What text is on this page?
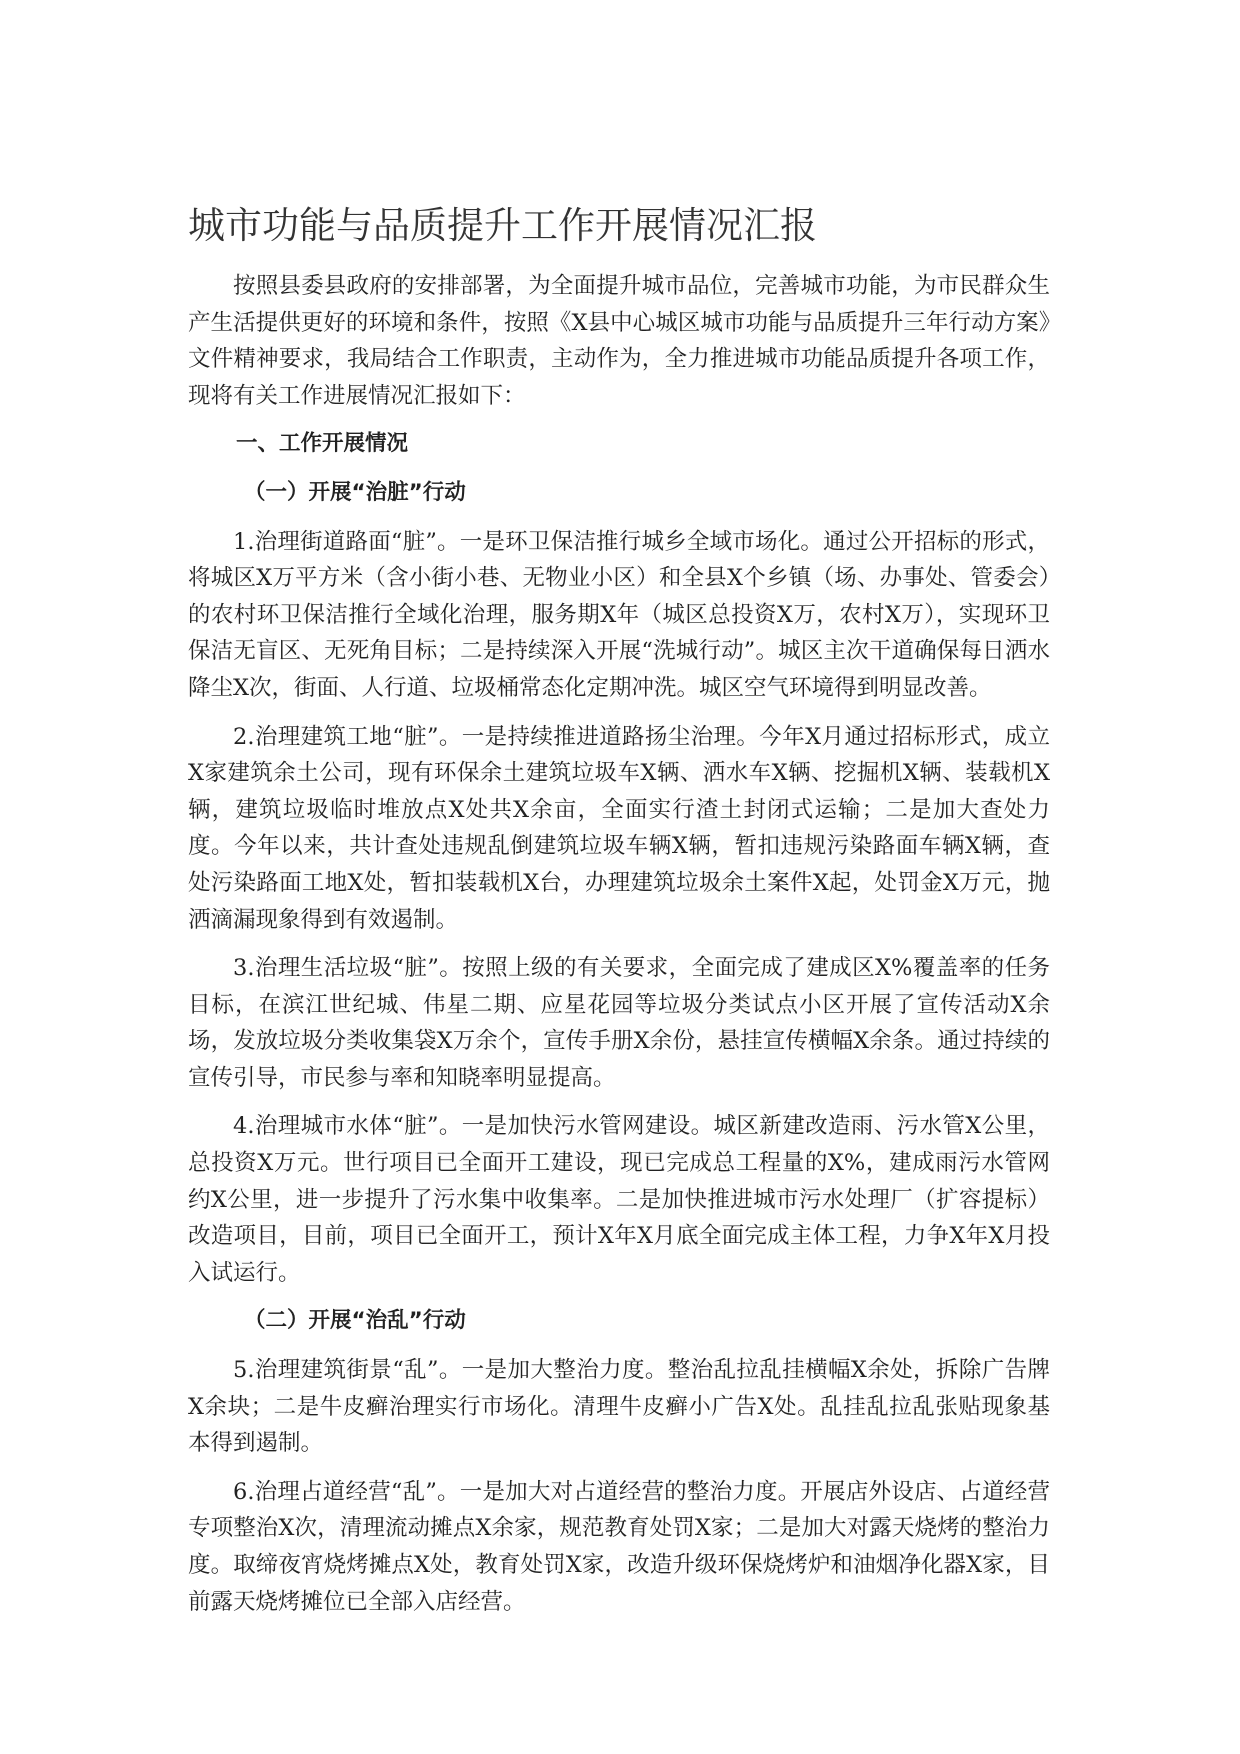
城市功能与品质提升工作开展情况汇报

按照县委县政府的安排部署，为全面提升城市品位，完善城市功能，为市民群众生产生活提供更好的环境和条件，按照《X县中心城区城市功能与品质提升三年行动方案》文件精神要求，我局结合工作职责，主动作为，全力推进城市功能品质提升各项工作，现将有关工作进展情况汇报如下：

一、工作开展情况
（一）开展“治脏”行动

1.治理街道路面“脏”。一是环卫保洁推行城乡全域市场化。通过公开招标的形式，将城区X万平方米（含小街小巷、无物业小区）和全县X个乡镇（场、办事处、管委会）的农村环卫保洁推行全域化治理，服务期X年（城区总投资X万，农村X万），实现环卫保洁无盲区、无死角目标；二是持续深入开展“洗城行动”。城区主次干道确保每日洒水降尘X次，街面、人行道、垃圾桶常态化定期冲洗。城区空气环境得到明显改善。

2.治理建筑工地“脏”。一是持续推进道路扬尘治理。今年X月通过招标形式，成立X家建筑余土公司，现有环保余土建筑垃圾车X辆、洒水车X辆、挖掘机X辆、装载机X辆，建筑垃圾临时堆放点X处共X余亩，全面实行渣土封闭式运输；二是加大查处力度。今年以来，共计查处违规乱倒建筑垃圾车辆X辆，暂扣违规污染路面车辆X辆，查处污染路面工地X处，暂扣装载机X台，办理建筑垃圾余土案件X起，处罚金X万元，抛洒滴漏现象得到有效遏制。

3.治理生活垃圾“脏”。按照上级的有关要求，全面完成了建成区X%覆盖率的任务目标，在滨江世纪城、伟星二期、应星花园等垃圾分类试点小区开展了宣传活动X余场，发放垃圾分类收集袋X万余个，宣传手册X余份，悬挂宣传横幅X余条。通过持续的宣传引导，市民参与率和知晓率明显提高。

4.治理城市水体“脏”。一是加快污水管网建设。城区新建改造雨、污水管X公里，总投资X万元。世行项目已全面开工建设，现已完成总工程量的X%，建成雨污水管网约X公里，进一步提升了污水集中收集率。二是加快推进城市污水处理厂（扩容提标）改造项目，目前，项目已全面开工，预计X年X月底全面完成主体工程，力争X年X月投入试运行。

（二）开展“治乱”行动

5.治理建筑街景“乱”。一是加大整治力度。整治乱拉乱挂横幅X余处，拆除广告牌X余块；二是牛皮癣治理实行市场化。清理牛皮癣小广告X处。乱挂乱拉乱张贴现象基本得到遏制。

6.治理占道经营“乱”。一是加大对占道经营的整治力度。开展店外设店、占道经营专项整治X次，清理流动摊点X余家，规范教育处罚X家；二是加大对露天烧烤的整治力度。取缔夜宵烧烤摊点X处，教育处罚X家，改造升级环保烧烤炉和油烟净化器X家，目前露天烧烤摊位已全部入店经营。
